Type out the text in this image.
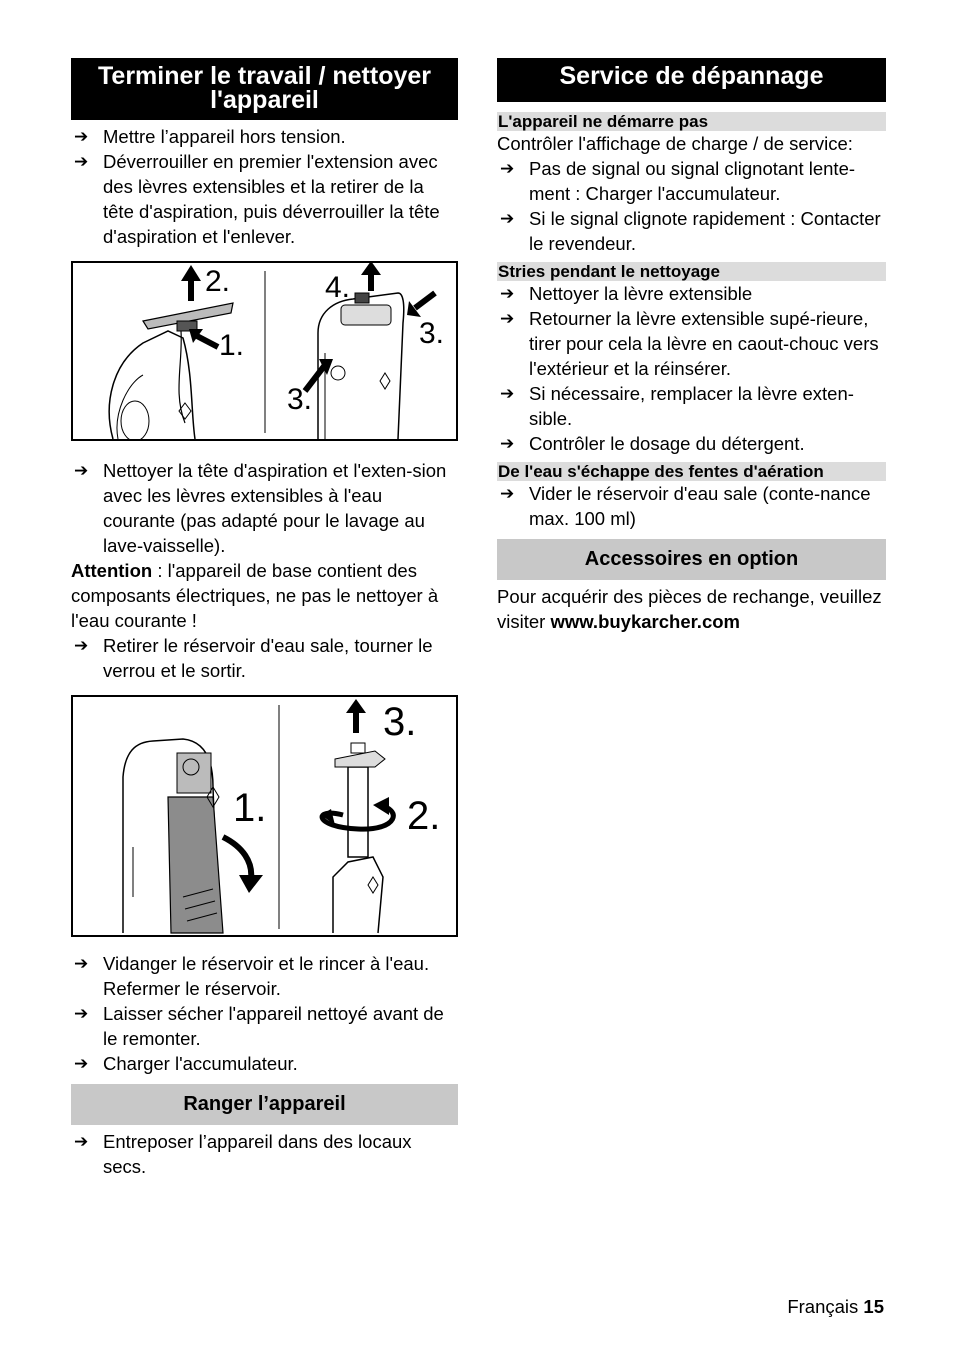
Terminer le travail / nettoyer l'appareil
➔ Mettre l’appareil hors tension.
➔ Déverrouiller en premier l'extension avec des lèvres extensibles et la retirer de la tête d'aspiration, puis déverrouiller la tête d'aspiration et l'enlever.
2.
1.
4.
3.
3.
➔ Nettoyer la tête d'aspiration et l'exten-sion avec les lèvres extensibles à l'eau courante (pas adapté pour le lavage au lave-vaisselle).

Attention : l'appareil de base contient des composants électriques, ne pas le nettoyer à l'eau courante !

➔ Retirer le réservoir d'eau sale, tourner le verrou et le sortir.
1.
3.
2.
➔ Vidanger le réservoir et le rincer à l'eau. Refermer le réservoir.
➔ Laisser sécher l'appareil nettoyé avant de le remonter.
➔ Charger l'accumulateur.
Ranger l’appareil
➔ Entreposer l’appareil dans des locaux secs.
Service de dépannage
L'appareil ne démarre pas

Contrôler l'affichage de charge / de service:

➔ Pas de signal ou signal clignotant lente-ment : Charger l'accumulateur.
➔ Si le signal clignote rapidement : Contacter le revendeur.
Stries pendant le nettoyage
➔ Nettoyer la lèvre extensible
➔ Retourner la lèvre extensible supé-rieure, tirer pour cela la lèvre en caout-chouc vers l'extérieur et la réinsérer.
➔ Si nécessaire, remplacer la lèvre exten-sible.
➔ Contrôler le dosage du détergent.
De l'eau s'échappe des fentes d'aération
➔ Vider le réservoir d'eau sale (conte-nance max. 100 ml)
Accessoires en option

Pour acquérir des pièces de rechange, veuillez visiter www.buykarcher.com

Français 15
